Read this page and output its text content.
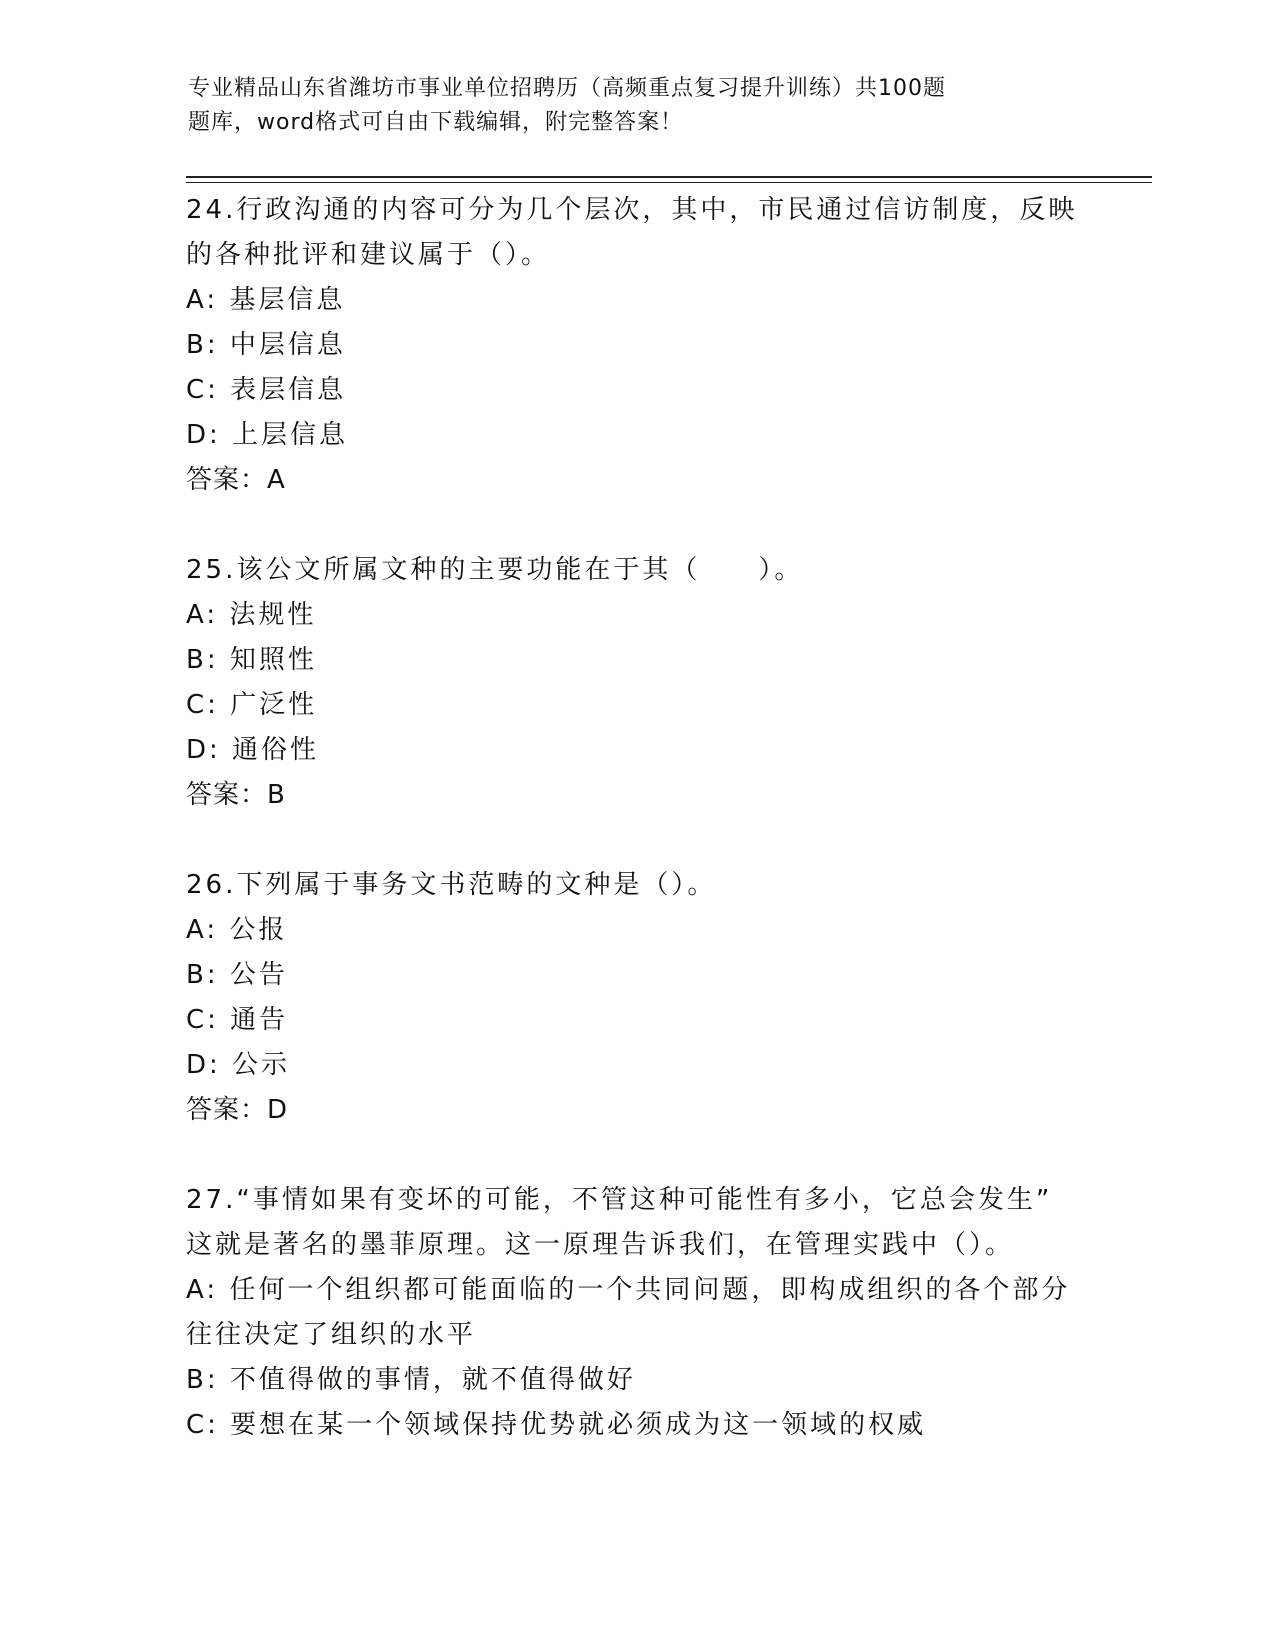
专业精品山东省潍坊市事业单位招聘历（高频重点复习提升训练）共100题
题库，word格式可自由下载编辑，附完整答案！
24.行政沟通的内容可分为几个层次，其中，市民通过信访制度，反映
的各种批评和建议属于（）。
A: 基层信息
B: 中层信息
C: 表层信息
D: 上层信息
答案：A
25.该公文所属文种的主要功能在于其（　　）。
A: 法规性
B: 知照性
C: 广泛性
D: 通俗性
答案：B
26.下列属于事务文书范畴的文种是（）。
A: 公报
B: 公告
C: 通告
D: 公示
答案：D
27.“事情如果有变坏的可能，不管这种可能性有多小，它总会发生”
这就是著名的墨菲原理。这一原理告诉我们，在管理实践中（）。
A: 任何一个组织都可能面临的一个共同问题，即构成组织的各个部分
往往决定了组织的水平
B: 不值得做的事情，就不值得做好
C: 要想在某一个领域保持优势就必须成为这一领域的权威
